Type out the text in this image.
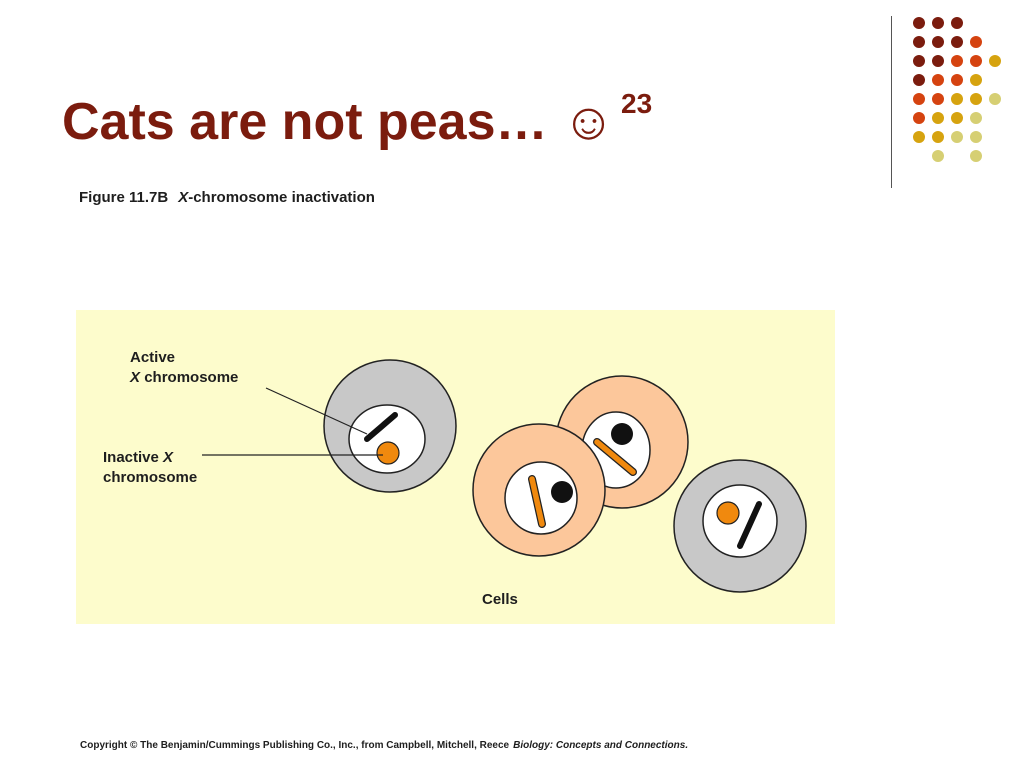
Cats are not peas… ☺ $^{23}$
Figure 11.7B X-chromosome inactivation
Active
X chromosome
Inactive X
chromosome
Cells
Copyright © The Benjamin/Cummings Publishing Co., Inc., from Campbell, Mitchell, Reece Biology: Concepts and Connections.
